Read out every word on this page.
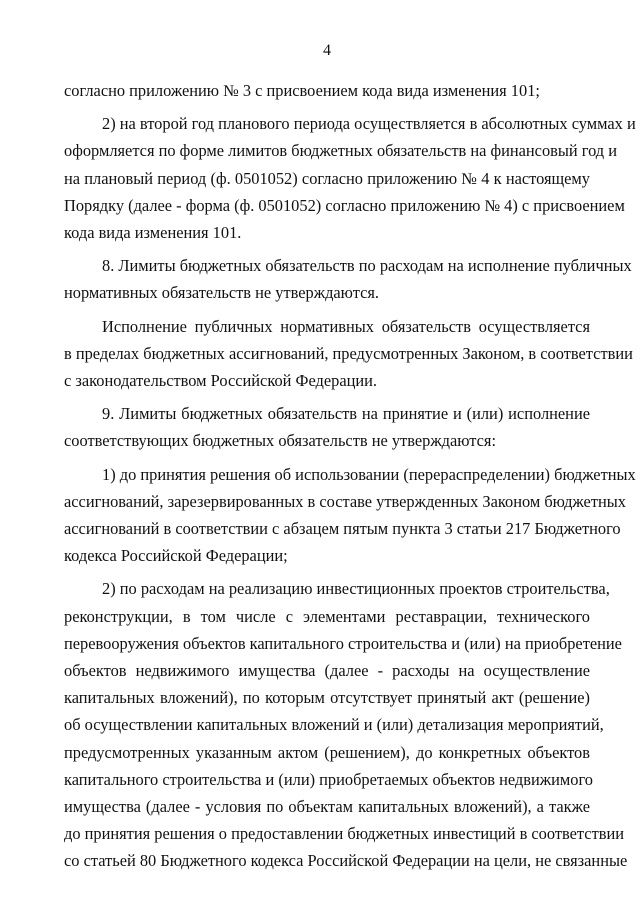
4
согласно приложению № 3 с присвоением кода вида изменения 101;
2) на второй год планового периода осуществляется в абсолютных суммах и
оформляется по форме лимитов бюджетных обязательств на финансовый год и
на плановый период (ф. 0501052) согласно приложению № 4 к настоящему
Порядку (далее - форма (ф. 0501052) согласно приложению № 4) с присвоением
кода вида изменения 101.
8. Лимиты бюджетных обязательств по расходам на исполнение публичных
нормативных обязательств не утверждаются.
Исполнение публичных нормативных обязательств осуществляется
в пределах бюджетных ассигнований, предусмотренных Законом, в соответствии
с законодательством Российской Федерации.
9. Лимиты бюджетных обязательств на принятие и (или) исполнение
соответствующих бюджетных обязательств не утверждаются:
1) до принятия решения об использовании (перераспределении) бюджетных
ассигнований, зарезервированных в составе утвержденных Законом бюджетных
ассигнований в соответствии с абзацем пятым пункта 3 статьи 217 Бюджетного
кодекса Российской Федерации;
2) по расходам на реализацию инвестиционных проектов строительства,
реконструкции, в том числе с элементами реставрации, технического
перевооружения объектов капитального строительства и (или) на приобретение
объектов недвижимого имущества (далее - расходы на осуществление
капитальных вложений), по которым отсутствует принятый акт (решение)
об осуществлении капитальных вложений и (или) детализация мероприятий,
предусмотренных указанным актом (решением), до конкретных объектов
капитального строительства и (или) приобретаемых объектов недвижимого
имущества (далее - условия по объектам капитальных вложений), а также
до принятия решения о предоставлении бюджетных инвестиций в соответствии
со статьей 80 Бюджетного кодекса Российской Федерации на цели, не связанные
